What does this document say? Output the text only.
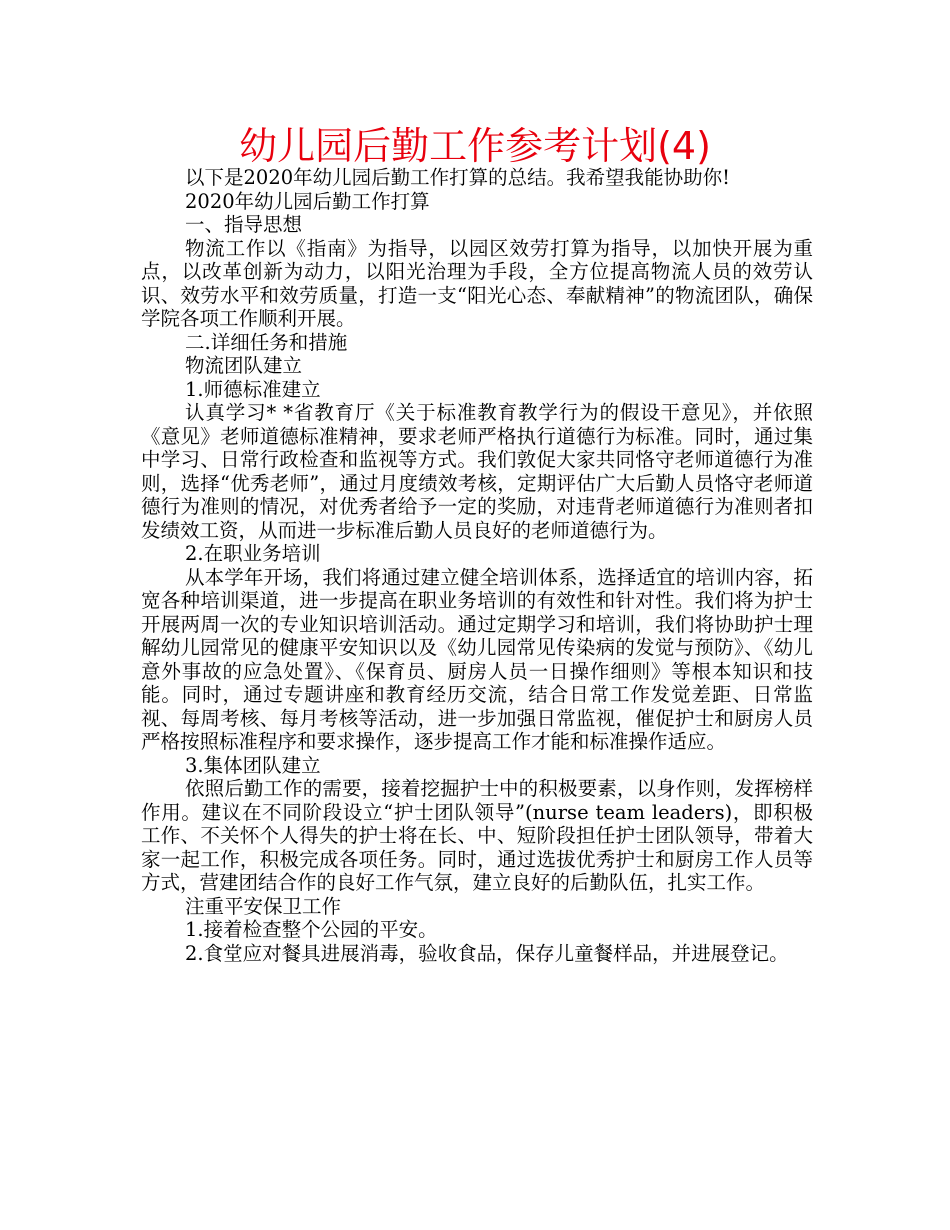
幼儿园后勤工作参考计划(4)

以下是2020年幼儿园后勤工作打算的总结。我希望我能协助你!

2020年幼儿园后勤工作打算

一、指导思想

物流工作以《指南》为指导，以园区效劳打算为指导，以加快开展为重点，以改革创新为动力，以阳光治理为手段，全方位提高物流人员的效劳认识、效劳水平和效劳质量，打造一支“阳光心态、奉献精神”的物流团队，确保学院各项工作顺利开展。

二.详细任务和措施

物流团队建立

1.师德标准建立

认真学习* *省教育厅《关于标准教育教学行为的假设干意见》，并依照《意见》老师道德标准精神，要求老师严格执行道德行为标准。同时，通过集中学习、日常行政检查和监视等方式。我们敦促大家共同恪守老师道德行为准则，选择“优秀老师”，通过月度绩效考核，定期评估广大后勤人员恪守老师道德行为准则的情况，对优秀者给予一定的奖励，对违背老师道德行为准则者扣发绩效工资，从而进一步标准后勤人员良好的老师道德行为。

2.在职业务培训

从本学年开场，我们将通过建立健全培训体系，选择适宜的培训内容，拓宽各种培训渠道，进一步提高在职业务培训的有效性和针对性。我们将为护士开展两周一次的专业知识培训活动。通过定期学习和培训，我们将协助护士理解幼儿园常见的健康平安知识以及《幼儿园常见传染病的发觉与预防》、《幼儿意外事故的应急处置》、《保育员、厨房人员一日操作细则》等根本知识和技能。同时，通过专题讲座和教育经历交流，结合日常工作发觉差距、日常监视、每周考核、每月考核等活动，进一步加强日常监视，催促护士和厨房人员严格按照标准程序和要求操作，逐步提高工作才能和标准操作适应。

3.集体团队建立

依照后勤工作的需要，接着挖掘护士中的积极要素，以身作则，发挥榜样作用。建议在不同阶段设立“护士团队领导”(nurse team leaders)，即积极工作、不关怀个人得失的护士将在长、中、短阶段担任护士团队领导，带着大家一起工作，积极完成各项任务。同时，通过选拔优秀护士和厨房工作人员等方式，营建团结合作的良好工作气氛，建立良好的后勤队伍，扎实工作。

注重平安保卫工作

1.接着检查整个公园的平安。

2.食堂应对餐具进展消毒，验收食品，保存儿童餐样品，并进展登记。
